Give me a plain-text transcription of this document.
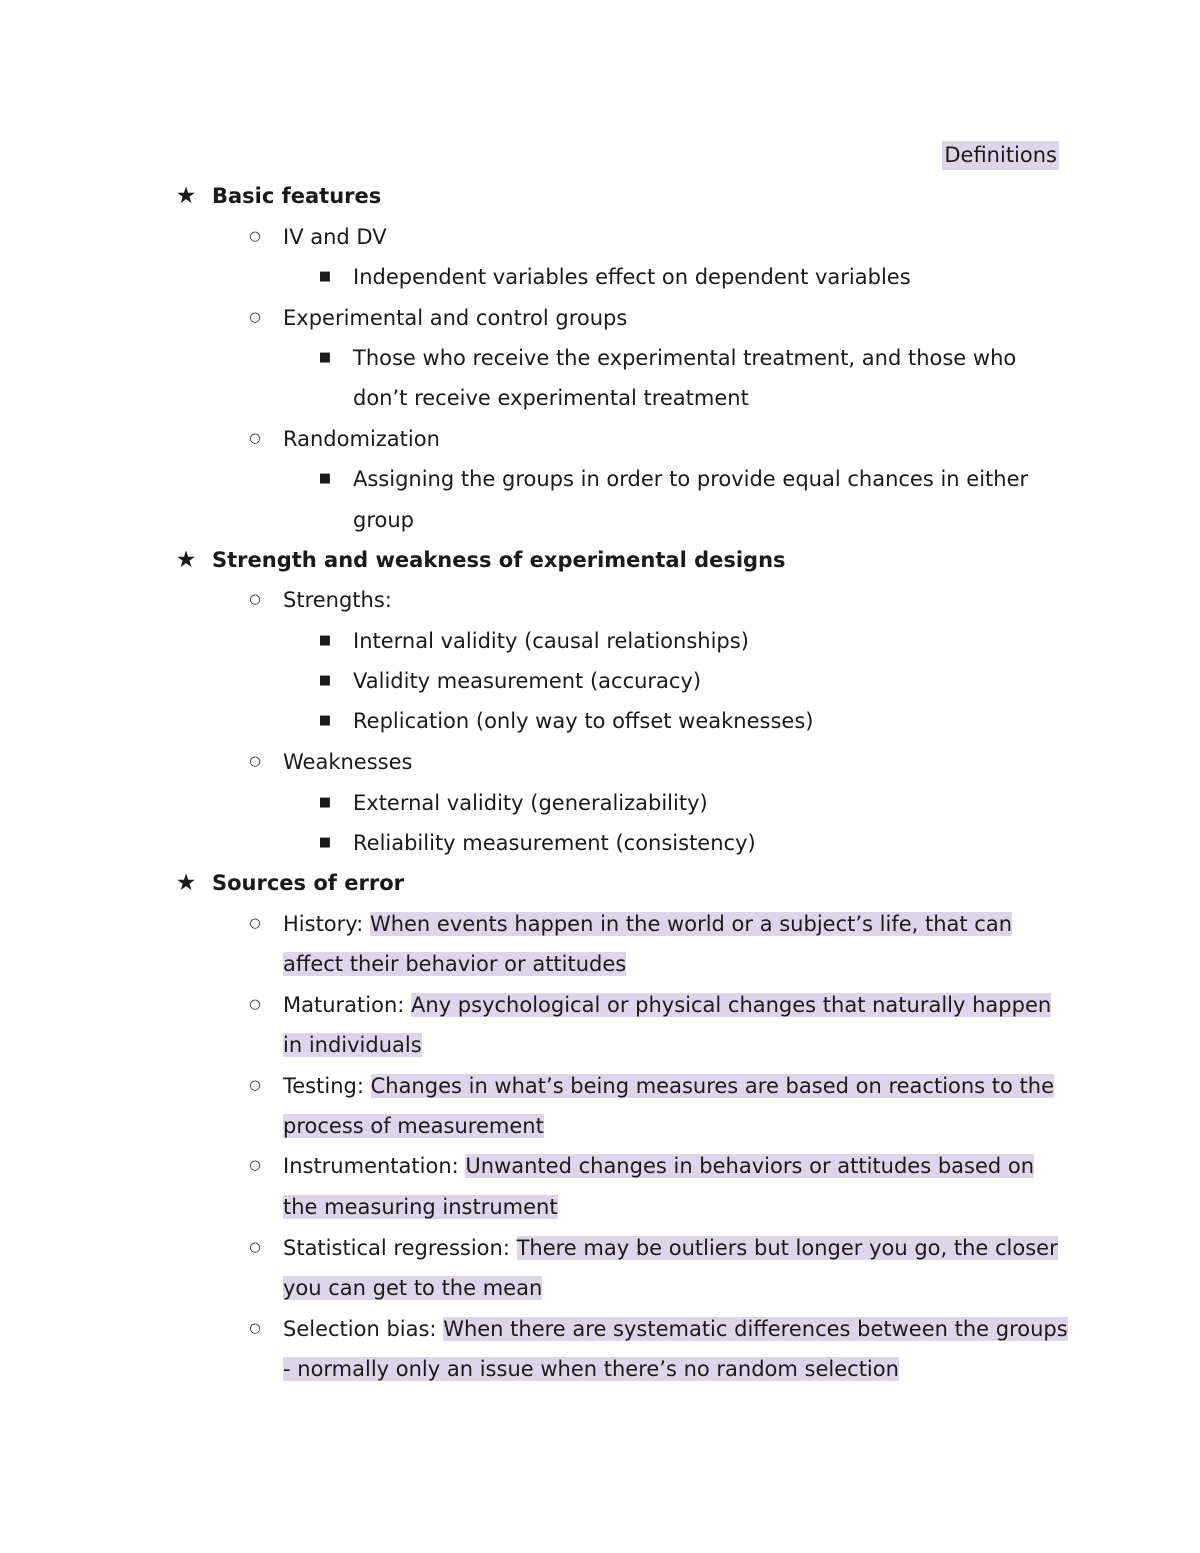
Definitions
★ Basic features
○ IV and DV
■ Independent variables effect on dependent variables
○ Experimental and control groups
■ Those who receive the experimental treatment, and those who
don’t receive experimental treatment
○ Randomization
■ Assigning the groups in order to provide equal chances in either
group
★ Strength and weakness of experimental designs
○ Strengths:
■ Internal validity (causal relationships)
■ Validity measurement (accuracy)
■ Replication (only way to offset weaknesses)
○ Weaknesses
■ External validity (generalizability)
■ Reliability measurement (consistency)
★ Sources of error
○ History: When events happen in the world or a subject’s life, that can
affect their behavior or attitudes
○ Maturation: Any psychological or physical changes that naturally happen
in individuals
○ Testing: Changes in what’s being measures are based on reactions to the
process of measurement
○ Instrumentation: Unwanted changes in behaviors or attitudes based on
the measuring instrument
○ Statistical regression: There may be outliers but longer you go, the closer
you can get to the mean
○ Selection bias: When there are systematic differences between the groups
- normally only an issue when there’s no random selection
